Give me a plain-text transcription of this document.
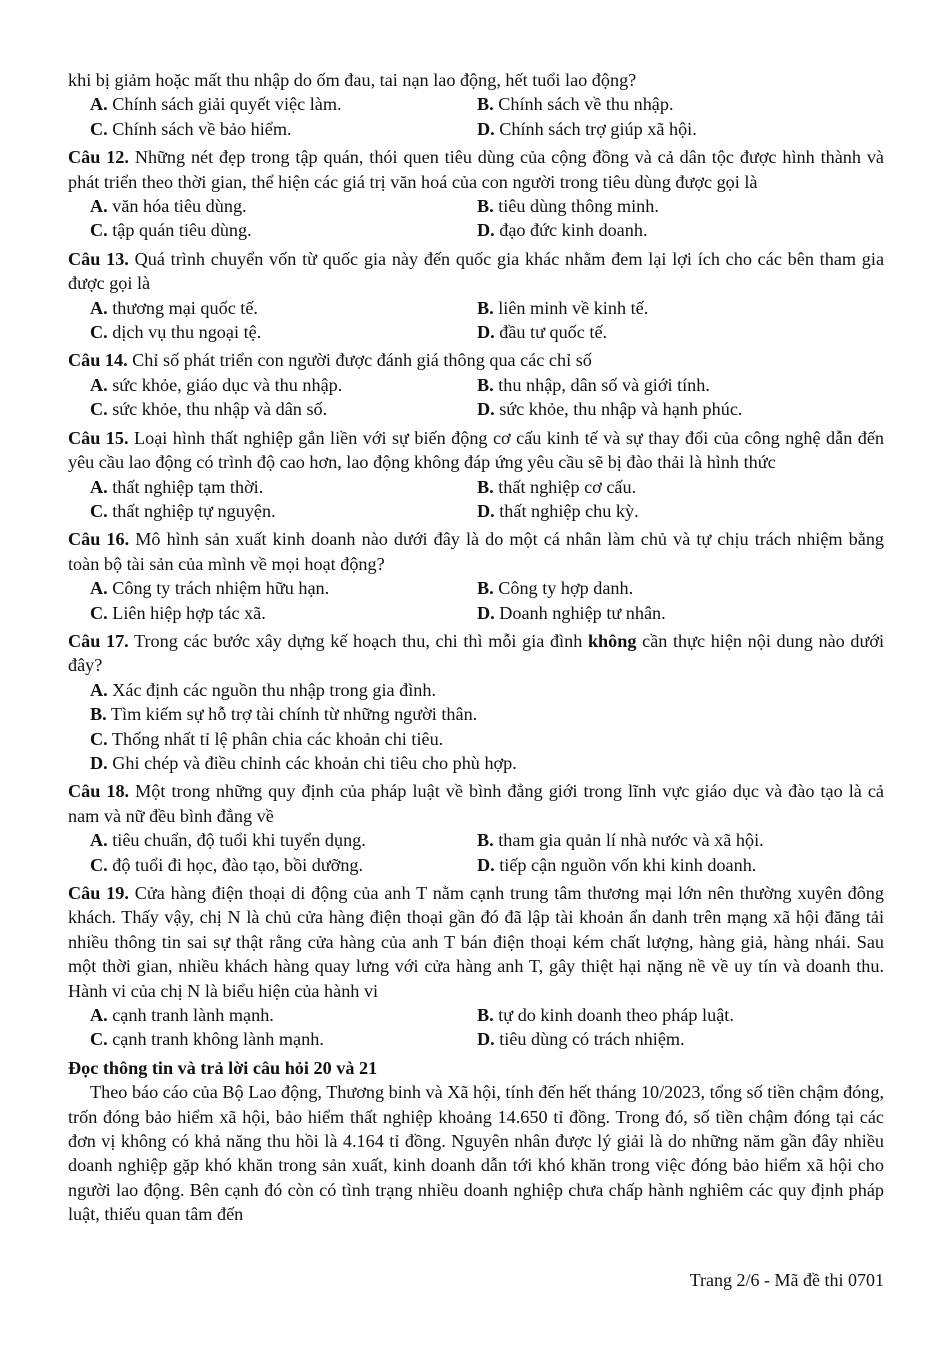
khi bị giảm hoặc mất thu nhập do ốm đau, tai nạn lao động, hết tuổi lao động?

A. Chính sách giải quyết việc làm.	B. Chính sách về thu nhập.
C. Chính sách về bảo hiểm.	D. Chính sách trợ giúp xã hội.

Câu 12. Những nét đẹp trong tập quán, thói quen tiêu dùng của cộng đồng và cả dân tộc được hình thành và phát triển theo thời gian, thể hiện các giá trị văn hoá của con người trong tiêu dùng được gọi là

A. văn hóa tiêu dùng.	B. tiêu dùng thông minh.
C. tập quán tiêu dùng.	D. đạo đức kinh doanh.

Câu 13. Quá trình chuyển vốn từ quốc gia này đến quốc gia khác nhằm đem lại lợi ích cho các bên tham gia được gọi là

A. thương mại quốc tế.	B. liên minh về kinh tế.
C. dịch vụ thu ngoại tệ.	D. đầu tư quốc tế.

Câu 14. Chỉ số phát triển con người được đánh giá thông qua các chỉ số

A. sức khỏe, giáo dục và thu nhập.	B. thu nhập, dân số và giới tính.
C. sức khỏe, thu nhập và dân số.	D. sức khỏe, thu nhập và hạnh phúc.

Câu 15. Loại hình thất nghiệp gắn liền với sự biến động cơ cấu kinh tế và sự thay đổi của công nghệ dẫn đến yêu cầu lao động có trình độ cao hơn, lao động không đáp ứng yêu cầu sẽ bị đào thải là hình thức

A. thất nghiệp tạm thời.	B. thất nghiệp cơ cấu.
C. thất nghiệp tự nguyện.	D. thất nghiệp chu kỳ.

Câu 16. Mô hình sản xuất kinh doanh nào dưới đây là do một cá nhân làm chủ và tự chịu trách nhiệm bằng toàn bộ tài sản của mình về mọi hoạt động?

A. Công ty trách nhiệm hữu hạn.	B. Công ty hợp danh.
C. Liên hiệp hợp tác xã.	D. Doanh nghiệp tư nhân.

Câu 17. Trong các bước xây dựng kế hoạch thu, chi thì mỗi gia đình không cần thực hiện nội dung nào dưới đây?

A. Xác định các nguồn thu nhập trong gia đình.
B. Tìm kiếm sự hỗ trợ tài chính từ những người thân.
C. Thống nhất tỉ lệ phân chia các khoản chi tiêu.
D. Ghi chép và điều chỉnh các khoản chi tiêu cho phù hợp.

Câu 18. Một trong những quy định của pháp luật về bình đẳng giới trong lĩnh vực giáo dục và đào tạo là cả nam và nữ đều bình đẳng về

A. tiêu chuẩn, độ tuổi khi tuyển dụng.	B. tham gia quản lí nhà nước và xã hội.
C. độ tuổi đi học, đào tạo, bồi dưỡng.	D. tiếp cận nguồn vốn khi kinh doanh.

Câu 19. Cửa hàng điện thoại di động của anh T nằm cạnh trung tâm thương mại lớn nên thường xuyên đông khách. Thấy vậy, chị N là chủ cửa hàng điện thoại gần đó đã lập tài khoản ẩn danh trên mạng xã hội đăng tải nhiều thông tin sai sự thật rằng cửa hàng của anh T bán điện thoại kém chất lượng, hàng giả, hàng nhái. Sau một thời gian, nhiều khách hàng quay lưng với cửa hàng anh T, gây thiệt hại nặng nề về uy tín và doanh thu. Hành vi của chị N là biểu hiện của hành vi

A. cạnh tranh lành mạnh.	B. tự do kinh doanh theo pháp luật.
C. cạnh tranh không lành mạnh.	D. tiêu dùng có trách nhiệm.

Đọc thông tin và trả lời câu hỏi 20 và 21

Theo báo cáo của Bộ Lao động, Thương binh và Xã hội, tính đến hết tháng 10/2023, tổng số tiền chậm đóng, trốn đóng bảo hiểm xã hội, bảo hiểm thất nghiệp khoảng 14.650 tỉ đồng. Trong đó, số tiền chậm đóng tại các đơn vị không có khả năng thu hồi là 4.164 tỉ đồng. Nguyên nhân được lý giải là do những năm gần đây nhiều doanh nghiệp gặp khó khăn trong sản xuất, kinh doanh dẫn tới khó khăn trong việc đóng bảo hiểm xã hội cho người lao động. Bên cạnh đó còn có tình trạng nhiều doanh nghiệp chưa chấp hành nghiêm các quy định pháp luật, thiếu quan tâm đến

Trang 2/6 - Mã đề thi 0701
